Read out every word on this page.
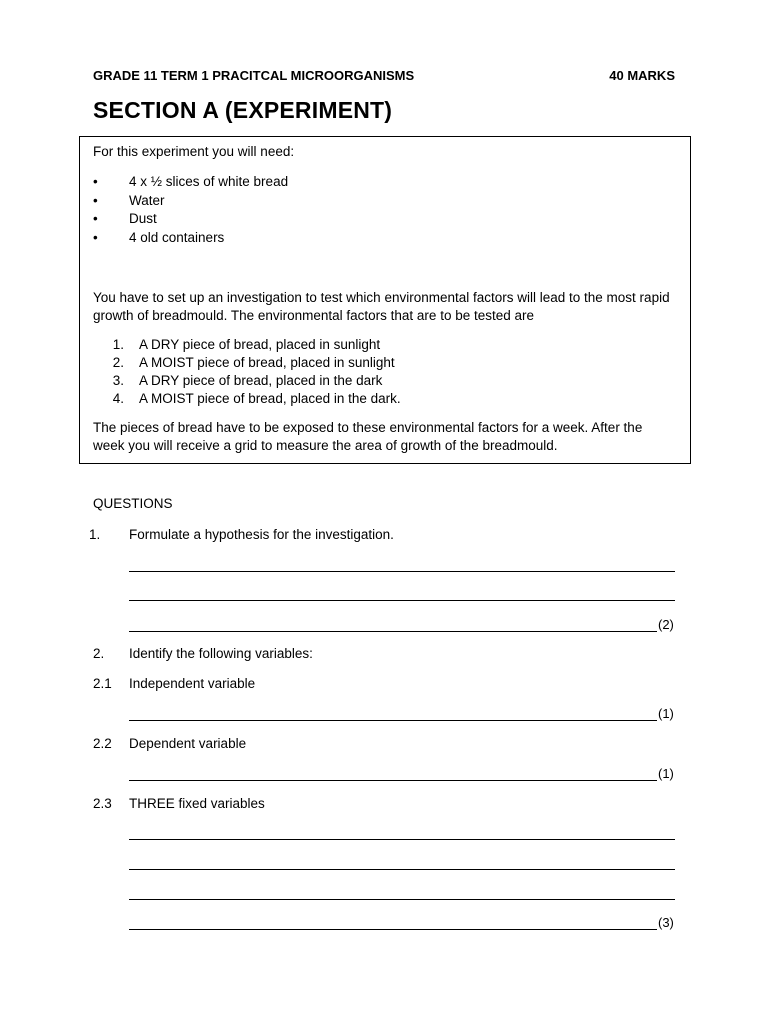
GRADE 11 TERM 1 PRACITCAL MICROORGANISMS	40 MARKS
SECTION A (EXPERIMENT)
For this experiment you will need:
•	4 x ½ slices of white bread
•	Water
•	Dust
•	4 old containers
You have to set up an investigation to test which environmental factors will lead to the most rapid growth of breadmould. The environmental factors that are to be tested are
1. A DRY piece of bread, placed in sunlight
2. A MOIST piece of bread, placed in sunlight
3. A DRY piece of bread, placed in the dark
4. A MOIST piece of bread, placed in the dark.
The pieces of bread have to be exposed to these environmental factors for a week. After the week you will receive a grid to measure the area of growth of the breadmould.
QUESTIONS
1. Formulate a hypothesis for the investigation.
(2)
2. Identify the following variables:
2.1 Independent variable
(1)
2.2 Dependent variable
(1)
2.3 THREE fixed variables
(3)
